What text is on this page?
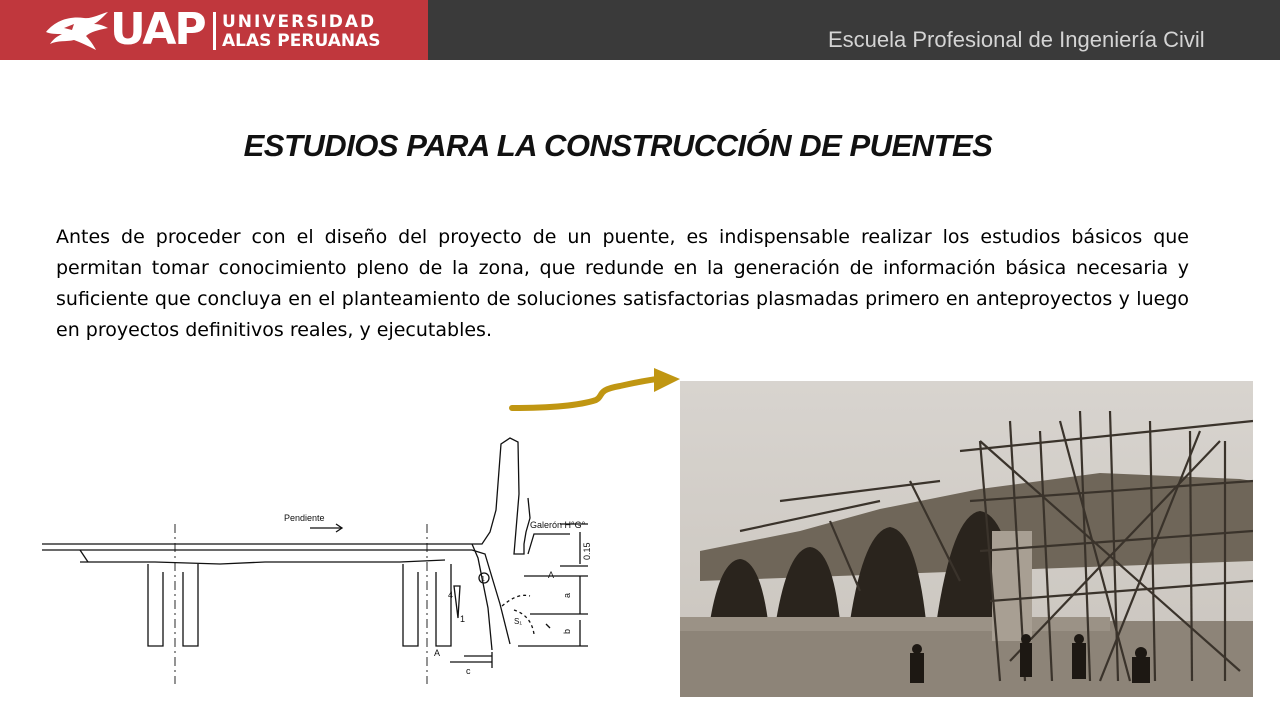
UAP UNIVERSIDAD
ALAS PERUANAS	Escuela Profesional de Ingeniería Civil
ESTUDIOS PARA LA CONSTRUCCIÓN DE PUENTES

Antes de proceder con el diseño del proyecto de un puente, es indispensable realizar los estudios básicos que permitan tomar conocimiento pleno de la zona, que redunde en la generación de información básica necesaria y suficiente que concluya en el planteamiento de soluciones satisfactorias plasmadas primero en anteproyectos y luego en proyectos definitivos reales, y ejecutables.

Pendiente
Galerón H°G°
0.15
a
b
c
A
A
4
1
1
S₁
